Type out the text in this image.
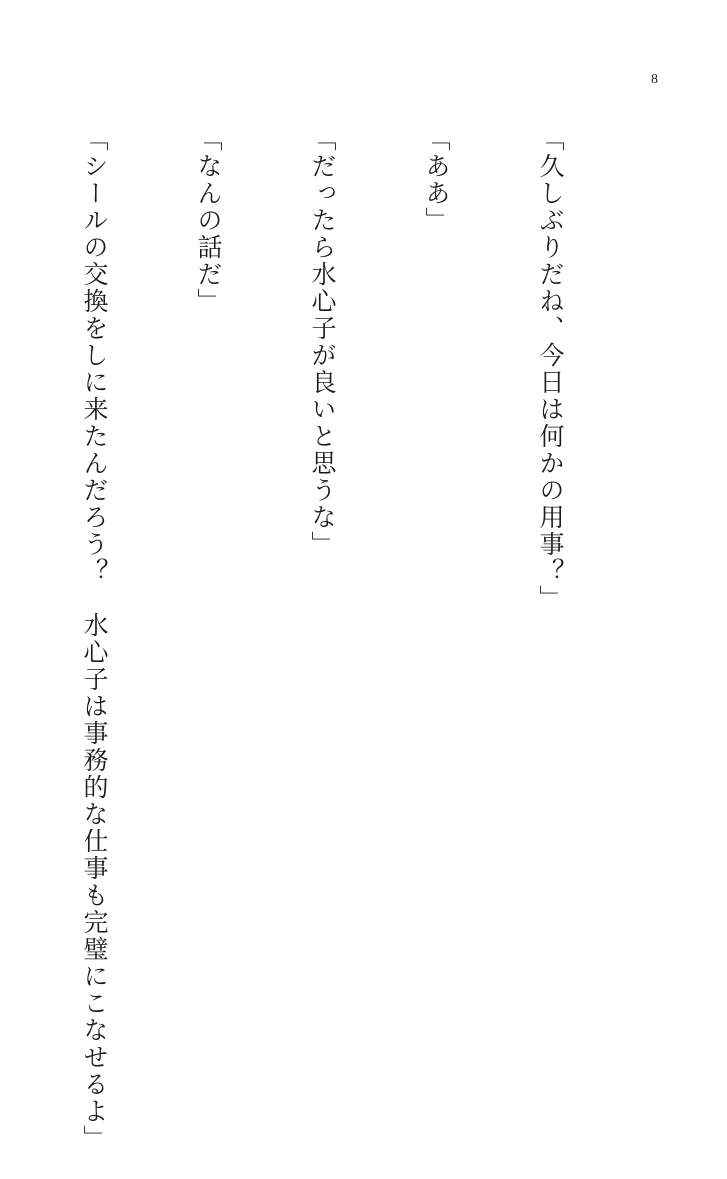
8

「久しぶりだね、今日は何かの用事？」

「ああ」

「だったら水心子が良いと思うな」

「なんの話だ」

「シールの交換をしに来たんだろう？　水心子は事務的な仕事も完璧にこなせるよ」
